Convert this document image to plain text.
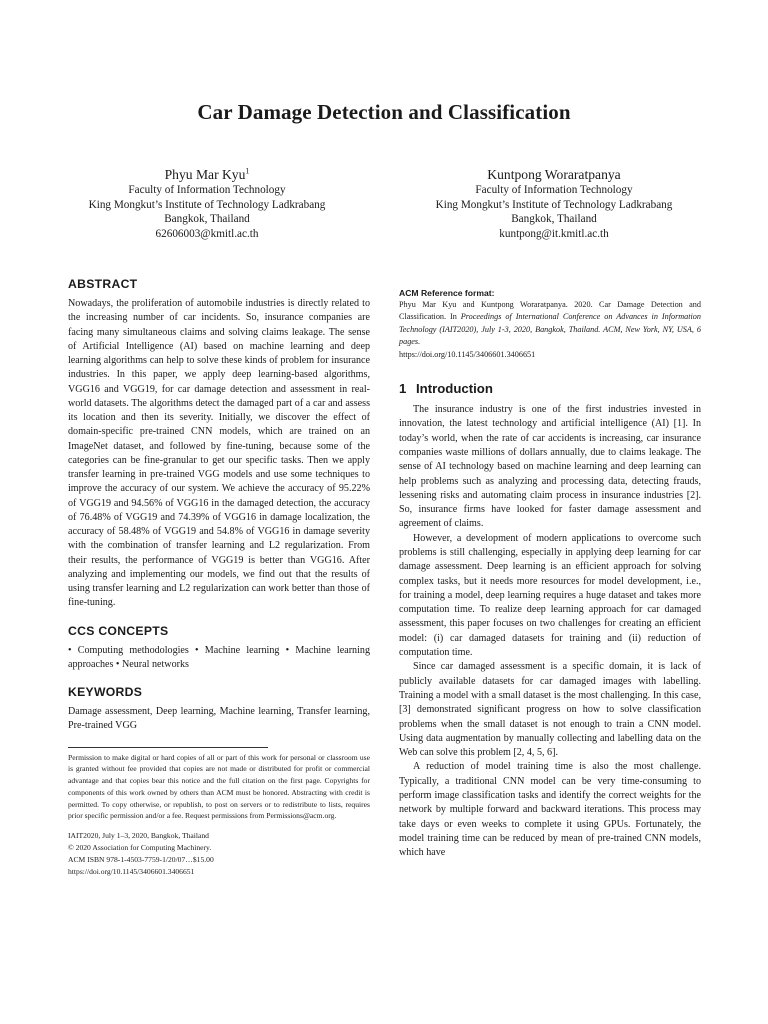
Car Damage Detection and Classification
Phyu Mar Kyu$^1$
Faculty of Information Technology
King Mongkut’s Institute of Technology Ladkrabang
Bangkok, Thailand
62606003@kmitl.ac.th
Kuntpong Woraratpanya
Faculty of Information Technology
King Mongkut’s Institute of Technology Ladkrabang
Bangkok, Thailand
kuntpong@it.kmitl.ac.th
ABSTRACT

Nowadays, the proliferation of automobile industries is directly related to the increasing number of car incidents. So, insurance companies are facing many simultaneous claims and solving claims leakage. The sense of Artificial Intelligence (AI) based on machine learning and deep learning algorithms can help to solve these kinds of problem for insurance industries. In this paper, we apply deep learning-based algorithms, VGG16 and VGG19, for car damage detection and assessment in real-world datasets. The algorithms detect the damaged part of a car and assess its location and then its severity. Initially, we discover the effect of domain-specific pre-trained CNN models, which are trained on an ImageNet dataset, and followed by fine-tuning, because some of the categories can be fine-granular to get our specific tasks. Then we apply transfer learning in pre-trained VGG models and use some techniques to improve the accuracy of our system. We achieve the accuracy of 95.22% of VGG19 and 94.56% of VGG16 in the damaged detection, the accuracy of 76.48% of VGG19 and 74.39% of VGG16 in damage localization, the accuracy of 58.48% of VGG19 and 54.8% of VGG16 in damage severity with the combination of transfer learning and L2 regularization. From their results, the performance of VGG19 is better than VGG16. After analyzing and implementing our models, we find out that the results of using transfer learning and L2 regularization can work better than those of fine-tuning.

CCS CONCEPTS

• Computing methodologies • Machine learning • Machine learning approaches • Neural networks

KEYWORDS

Damage assessment, Deep learning, Machine learning, Transfer learning, Pre-trained VGG

Permission to make digital or hard copies of all or part of this work for personal or classroom use is granted without fee provided that copies are not made or distributed for profit or commercial advantage and that copies bear this notice and the full citation on the first page. Copyrights for components of this work owned by others than ACM must be honored. Abstracting with credit is permitted. To copy otherwise, or republish, to post on servers or to redistribute to lists, requires prior specific permission and/or a fee. Request permissions from Permissions@acm.org.

IAIT2020, July 1–3, 2020, Bangkok, Thailand
© 2020 Association for Computing Machinery.
ACM ISBN 978-1-4503-7759-1/20/07…$15.00
https://doi.org/10.1145/3406601.3406651
ACM Reference format:

Phyu Mar Kyu and Kuntpong Woraratpanya. 2020. Car Damage Detection and Classification. In Proceedings of International Conference on Advances in Information Technology (IAIT2020), July 1-3, 2020, Bangkok, Thailand. ACM, New York, NY, USA, 6 pages.
https://doi.org/10.1145/3406601.3406651

1 Introduction

The insurance industry is one of the first industries invested in innovation, the latest technology and artificial intelligence (AI) [1]. In today’s world, when the rate of car accidents is increasing, car insurance companies waste millions of dollars annually, due to claims leakage. The sense of AI technology based on machine learning and deep learning can help problems such as analyzing and processing data, detecting frauds, lessening risks and automating claim process in insurance industries [2]. So, insurance firms have looked for faster damage assessment and agreement of claims.

However, a development of modern applications to overcome such problems is still challenging, especially in applying deep learning for car damage assessment. Deep learning is an efficient approach for solving complex tasks, but it needs more resources for model development, i.e., for training a model, deep learning requires a huge dataset and takes more computation time. To realize deep learning approach for car damaged assessment, this paper focuses on two challenges for creating an efficient model: (i) car damaged datasets for training and (ii) reduction of computation time.

Since car damaged assessment is a specific domain, it is lack of publicly available datasets for car damaged images with labelling. Training a model with a small dataset is the most challenging. In this case, [3] demonstrated significant progress on how to solve classification problems when the small dataset is not enough to train a CNN model. Using data augmentation by manually collecting and labelling data on the Web can solve this problem [2, 4, 5, 6].

A reduction of model training time is also the most challenge. Typically, a traditional CNN model can be very time-consuming to perform image classification tasks and identify the correct weights for the network by multiple forward and backward iterations. This process may take days or even weeks to complete it using GPUs. Fortunately, the model training time can be reduced by mean of pre-trained CNN models, which have
